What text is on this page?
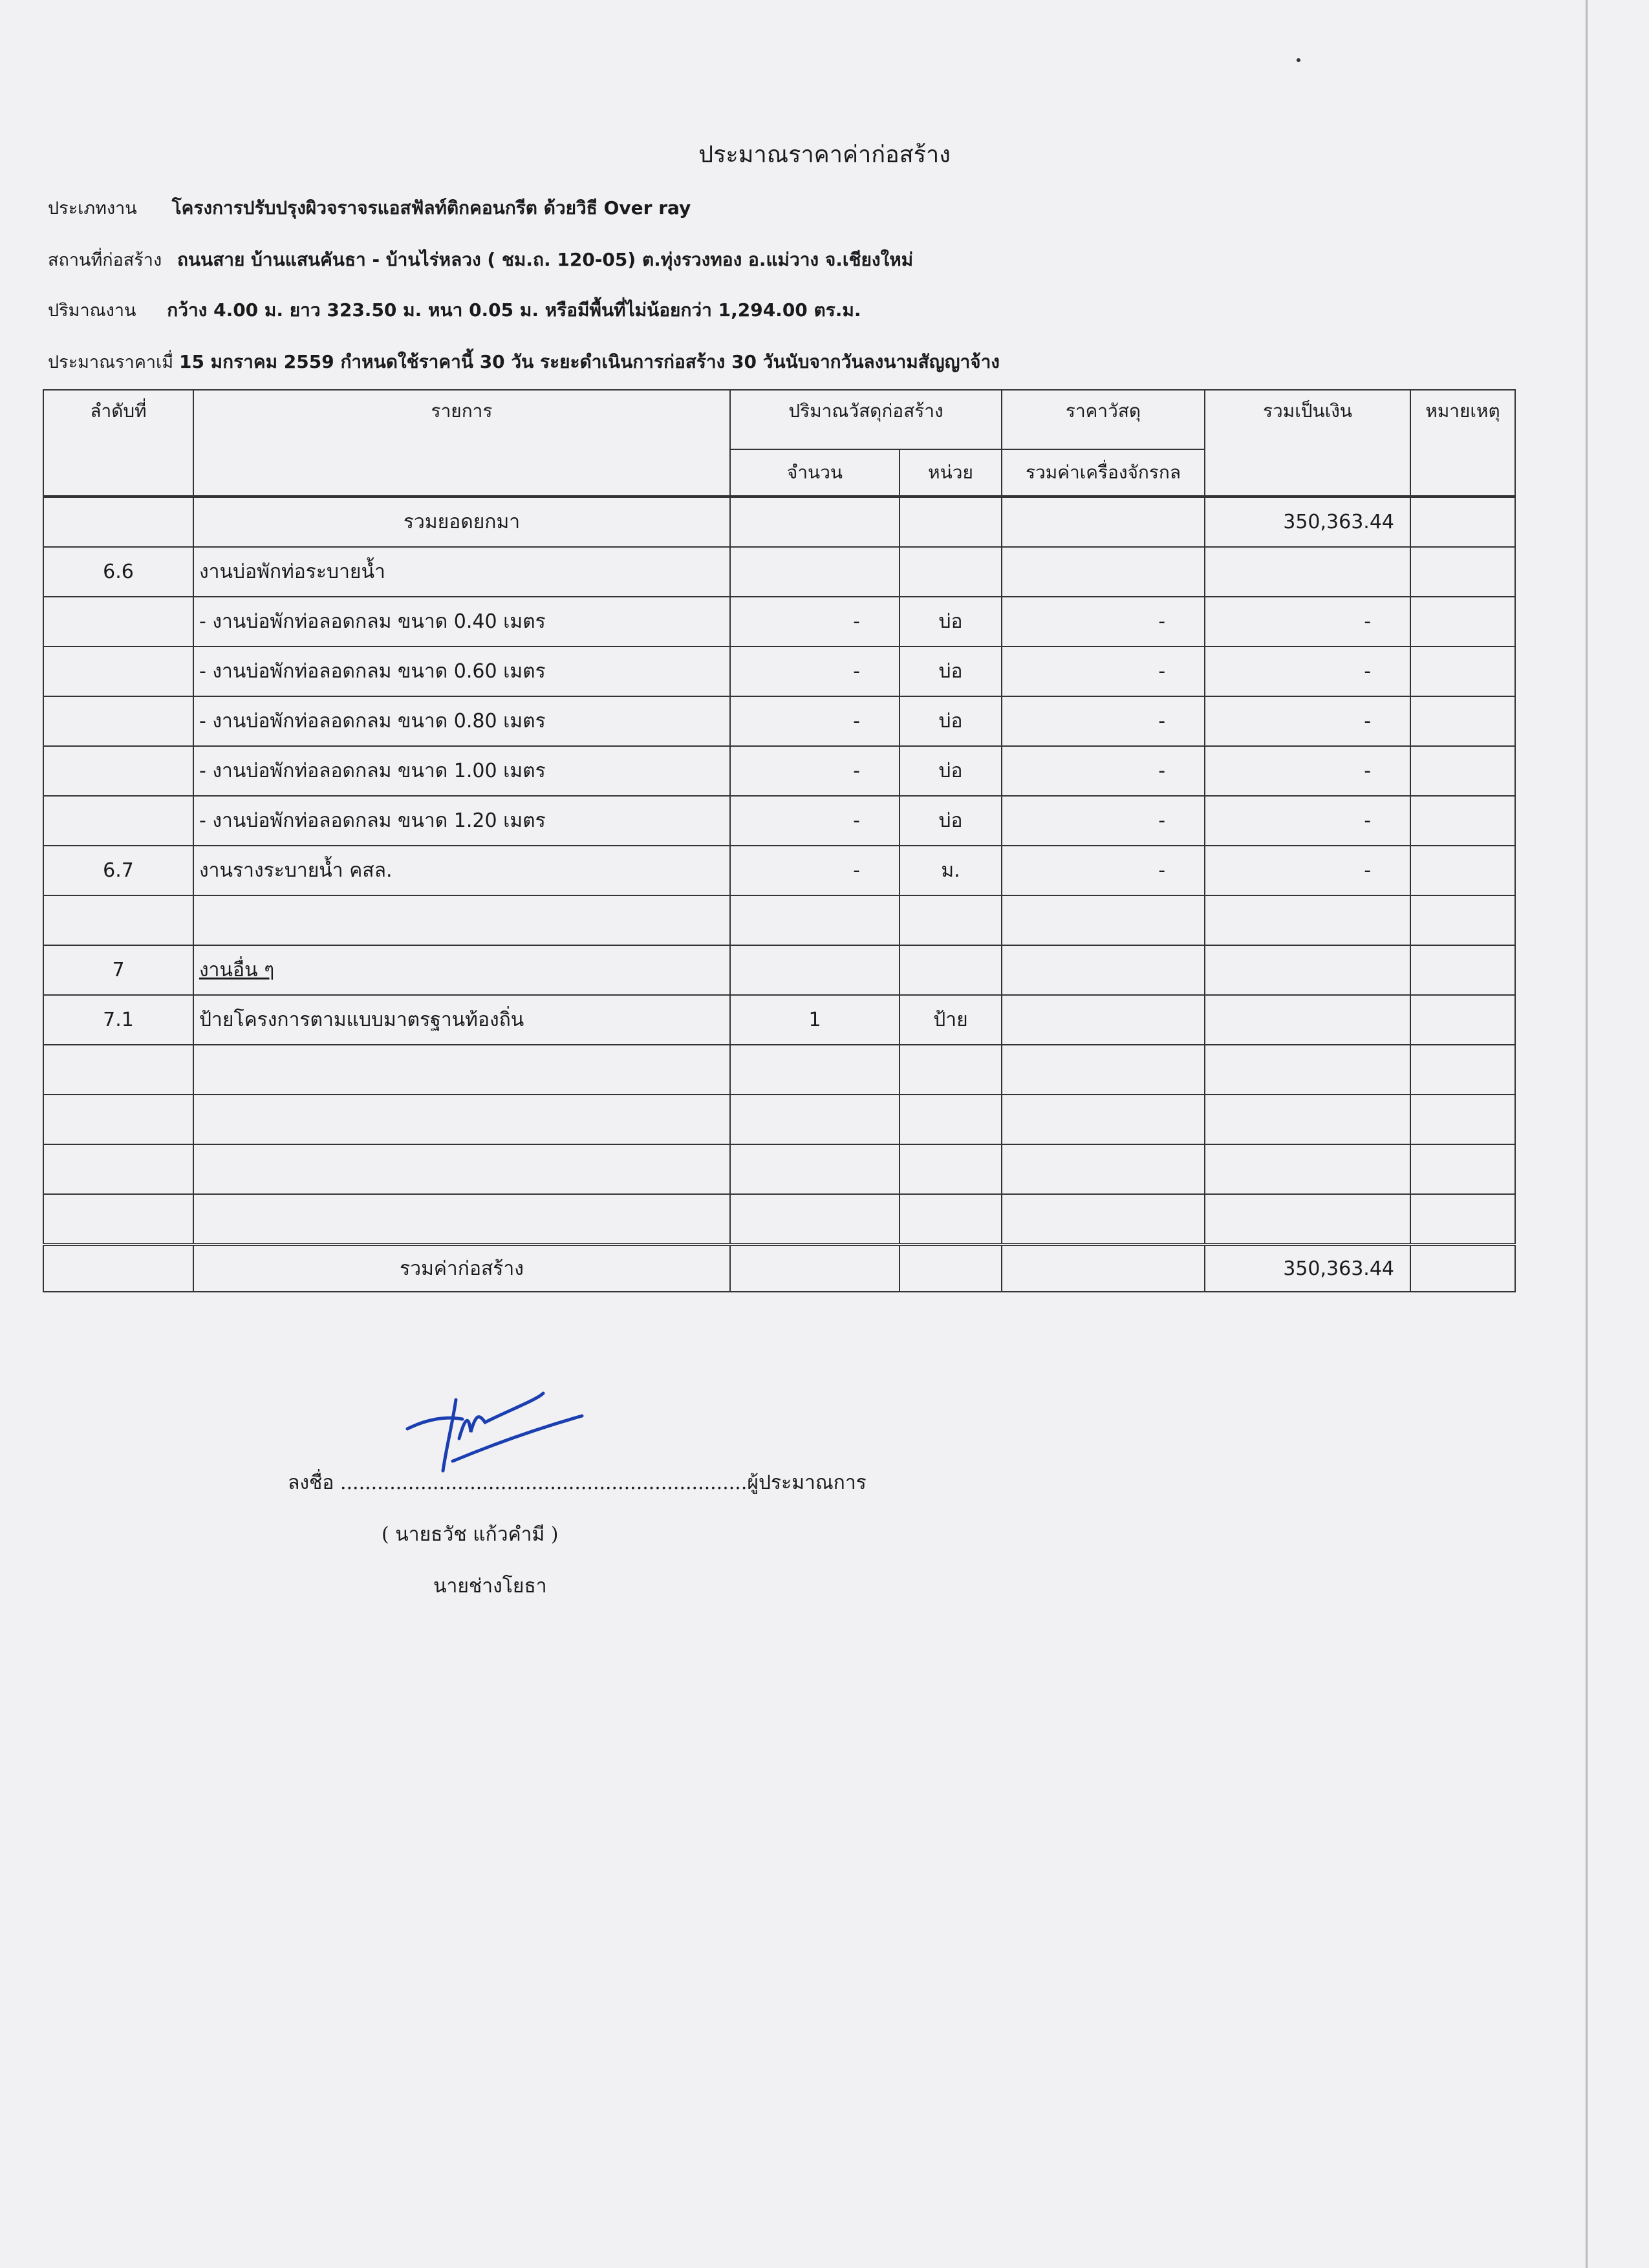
ประมาณราคาค่าก่อสร้าง
ประเภทงาน โครงการปรับปรุงผิวจราจรแอสฟัลท์ติกคอนกรีต ด้วยวิธี Over ray
สถานที่ก่อสร้าง ถนนสาย บ้านแสนคันธา - บ้านไร่หลวง ( ชม.ถ. 120-05) ต.ทุ่งรวงทอง อ.แม่วาง จ.เชียงใหม่
ปริมาณงาน กว้าง 4.00 ม. ยาว 323.50 ม. หนา 0.05 ม. หรือมีพื้นที่ไม่น้อยกว่า 1,294.00 ตร.ม.
ประมาณราคาเมื่ 15 มกราคม 2559 กำหนดใช้ราคานี้ 30 วัน ระยะดำเนินการก่อสร้าง 30 วันนับจากวันลงนามสัญญาจ้าง
ลำดับที่	รายการ	ปริมาณวัสดุก่อสร้าง		ราคาวัสดุ	รวมเป็นเงิน	หมายเหตุ
		จำนวน	หน่วย	รวมค่าเครื่องจักรกล		
	รวมยอดยกมา				350,363.44	
6.6	งานบ่อพักท่อระบายน้ำ					
	- งานบ่อพักท่อลอดกลม ขนาด 0.40 เมตร	-	บ่อ	-	-	
	- งานบ่อพักท่อลอดกลม ขนาด 0.60 เมตร	-	บ่อ	-	-	
	- งานบ่อพักท่อลอดกลม ขนาด 0.80 เมตร	-	บ่อ	-	-	
	- งานบ่อพักท่อลอดกลม ขนาด 1.00 เมตร	-	บ่อ	-	-	
	- งานบ่อพักท่อลอดกลม ขนาด 1.20 เมตร	-	บ่อ	-	-	
6.7	งานรางระบายน้ำ คสล.	-	ม.	-	-	

7	งานอื่น ๆ					
7.1	ป้ายโครงการตามแบบมาตรฐานท้องถิ่น	1	ป้าย			

	รวมค่าก่อสร้าง				350,363.44	
ลงชื่อ ..................................................................ผู้ประมาณการ
( นายธวัช แก้วคำมี )
นายช่างโยธา
